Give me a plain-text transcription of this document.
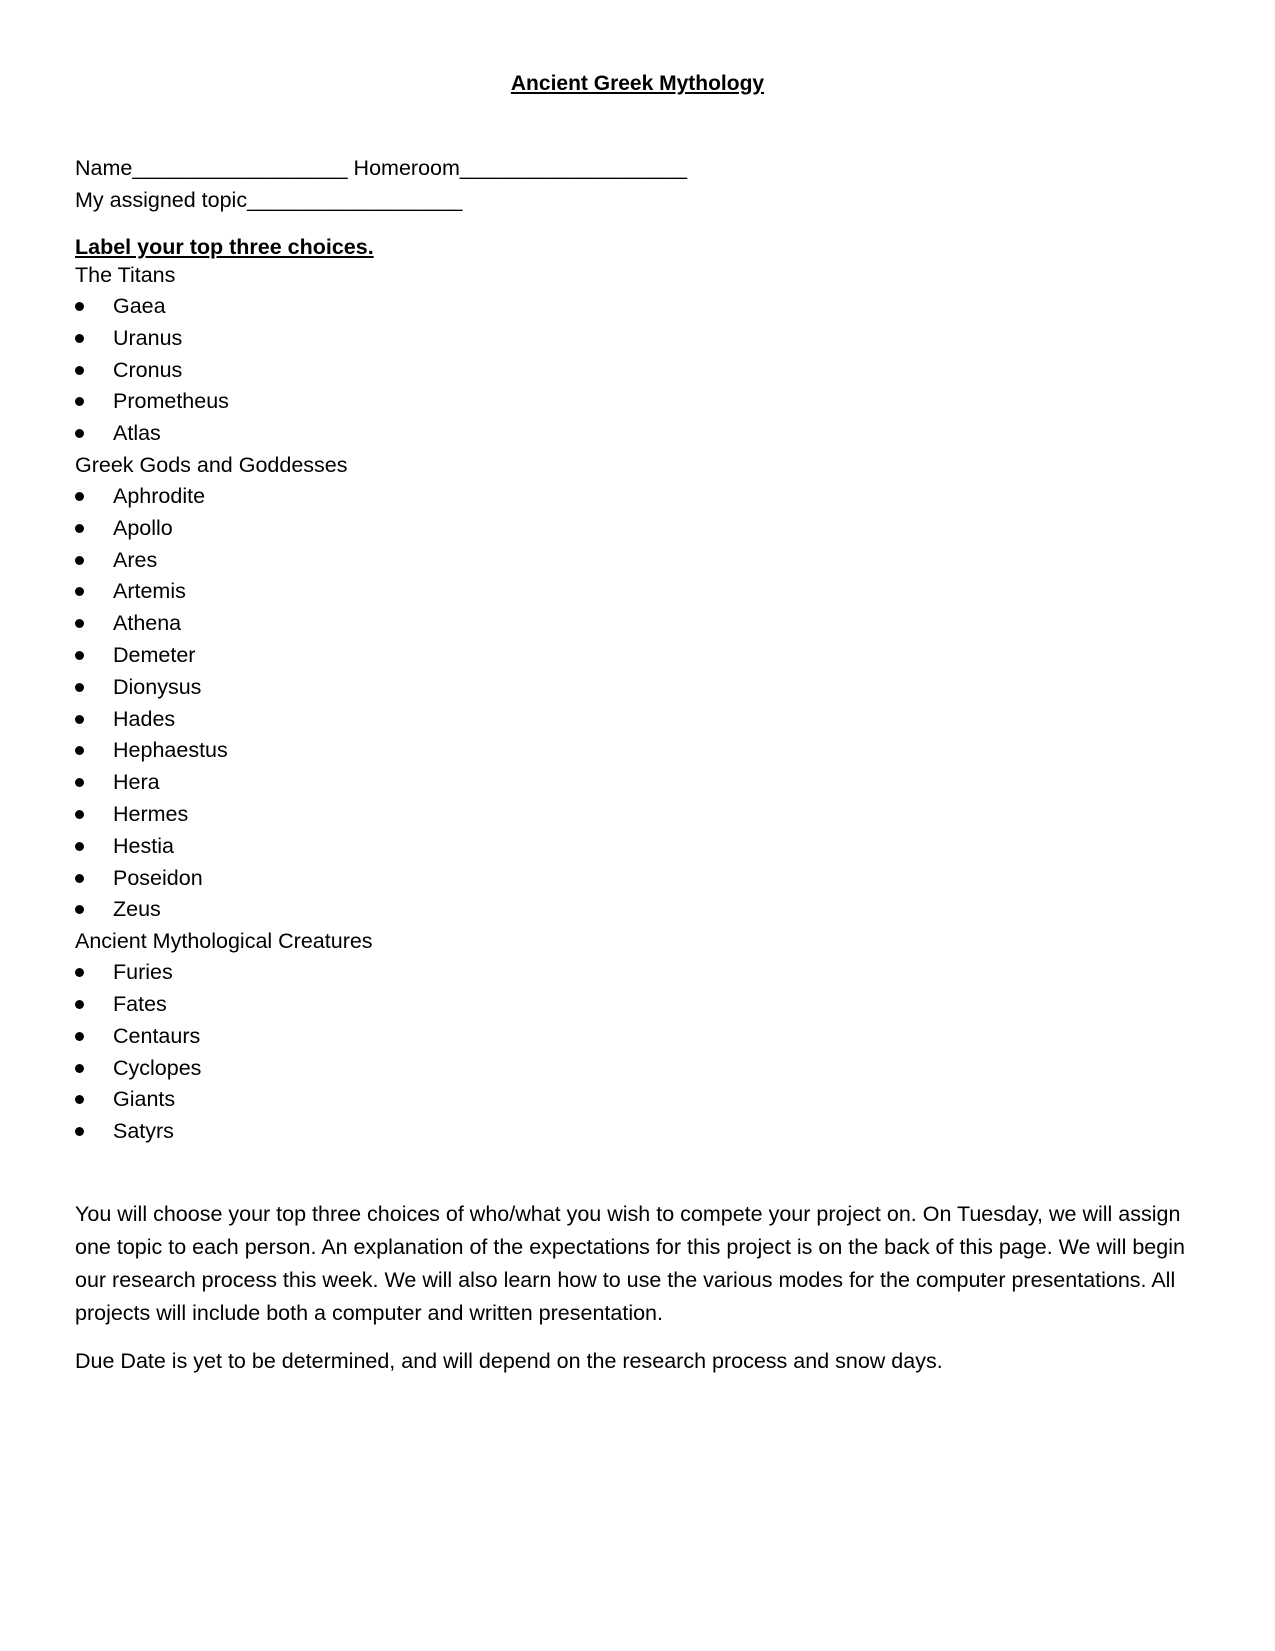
Ancient Greek Mythology
Name__________________ Homeroom___________________
My assigned topic__________________
Label your top three choices.
The Titans
Gaea
Uranus
Cronus
Prometheus
Atlas
Greek Gods and Goddesses
Aphrodite
Apollo
Ares
Artemis
Athena
Demeter
Dionysus
Hades
Hephaestus
Hera
Hermes
Hestia
Poseidon
Zeus
Ancient Mythological Creatures
Furies
Fates
Centaurs
Cyclopes
Giants
Satyrs

You will choose your top three choices of who/what you wish to compete your project on. On Tuesday, we will assign one topic to each person. An explanation of the expectations for this project is on the back of this page. We will begin our research process this week. We will also learn how to use the various modes for the computer presentations. All projects will include both a computer and written presentation.

Due Date is yet to be determined, and will depend on the research process and snow days.
